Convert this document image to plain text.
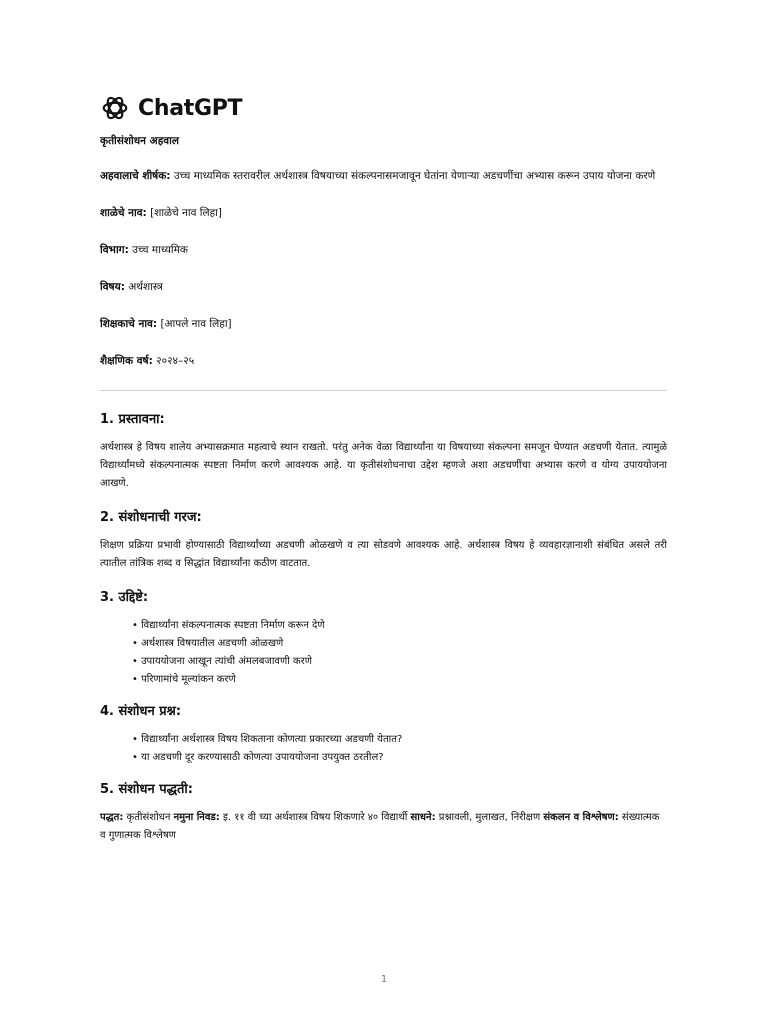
ChatGPT
कृतीसंशोधन अहवाल

अहवालाचे शीर्षक: उच्च माध्यमिक स्तरावरील अर्थशास्त्र विषयाच्या संकल्पनासमजावून घेतांना येणाऱ्या अडचणींचा अभ्यास करून उपाय योजना करणे

शाळेचे नाव: [शाळेचे नाव लिहा]

विभाग: उच्च माध्यमिक

विषय: अर्थशास्त्र

शिक्षकाचे नाव: [आपले नाव लिहा]

शैक्षणिक वर्ष: २०२४–२५

1. प्रस्तावना:

अर्थशास्त्र हे विषय शालेय अभ्यासक्रमात महत्वाचे स्थान राखतो. परंतु अनेक वेळा विद्यार्थ्यांना या विषयाच्या संकल्पना समजून घेण्यात अडचणी येतात. त्यामुळे विद्यार्थ्यांमध्ये संकल्पनात्मक स्पष्टता निर्माण करणे आवश्यक आहे. या कृतीसंशोधनाचा उद्देश म्हणजे अशा अडचणींचा अभ्यास करणे व योग्य उपाययोजना आखणे.

2. संशोधनाची गरज:

शिक्षण प्रक्रिया प्रभावी होण्यासाठी विद्यार्थ्यांच्या अडचणी ओळखणे व त्या सोडवणे आवश्यक आहे. अर्थशास्त्र विषय हे व्यवहारज्ञानाशी संबंधित असले तरी त्यातील तांत्रिक शब्द व सिद्धांत विद्यार्थ्यांना कठीण वाटतात.

3. उद्दिष्टे:
• विद्यार्थ्यांना संकल्पनात्मक स्पष्टता निर्माण करून देणे
• अर्थशास्त्र विषयातील अडचणी ओळखणे
• उपाययोजना आखून त्यांची अंमलबजावणी करणे
• परिणामांचे मूल्यांकन करणे
4. संशोधन प्रश्न:
• विद्यार्थ्यांना अर्थशास्त्र विषय शिकताना कोणत्या प्रकारच्या अडचणी येतात?
• या अडचणी दूर करण्यासाठी कोणत्या उपाययोजना उपयुक्त ठरतील?
5. संशोधन पद्धती:

पद्धत: कृतीसंशोधन नमुना निवड: इ. ११ वी च्या अर्थशास्त्र विषय शिकणारे ४० विद्यार्थी साधने: प्रश्नावली, मुलाखत, निरीक्षण संकलन व विश्लेषण: संख्यात्मक व गुणात्मक विश्लेषण

1
